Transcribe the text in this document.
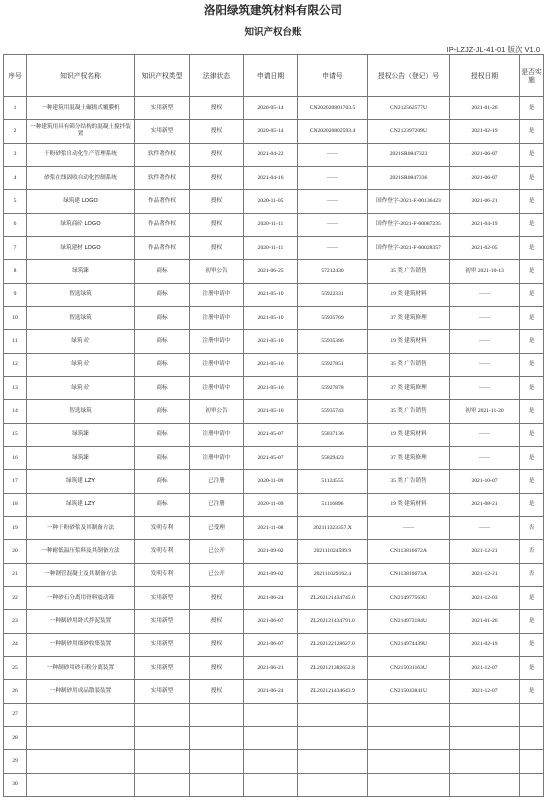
洛阳绿筑建筑材料有限公司
知识产权台账
IP-LZJZ-JL-41-01 版次 V1.0
序号	知识产权名称	知识产权类型	法律状态	申请日期	申请号	授权公告（登记）号	授权日期	是否实施
1	一种建筑用混凝土碾捣式覆膜机	实用新型	授权	2020-05-14	CN202020801703.5	CN212562577U	2021-01-26	是
2	一种建筑用具有筛分结构的混凝土搅拌装置	实用新型	授权	2020-05-14	CN202020802593.4	CN212397209U	2021-02-19	是
3	干粉砂浆自动化生产管理系统	软件著作权	授权	2021-04-22	——	2021SR0847323	2021-06-07	是
4	砂浆在线固收自动化控制系统	软件著作权	授权	2021-04-16	——	2021SR0847336	2021-06-07	是
5	绿筑建 LOGO	作品著作权	授权	2020-11-05	——	国作登字-2021-F-00136423	2021-06-21	是
6	绿筑商砼 LOGO	作品著作权	授权	2020-11-11	——	国作登字-2021-F-00087235	2021-04-19	是
7	绿筑建材 LOGO	作品著作权	授权	2020-11-11	——	国作登字-2021-F-00028357	2021-02-05	是
8	绿筑臻	商标	初审公告	2021-06-25	57212430	35 类 广告销售	初审 2021-10-13	是
9	智选绿筑	商标	注册申请中	2021-05-10	55922331	19 类 建筑材料	——	是
10	智选绿筑	商标	注册申请中	2021-05-10	55935769	37 类 建筑修理	——	是
11	绿筑 砼	商标	注册申请中	2021-05-10	55935386	19 类 建筑材料	——	是
12	绿筑 砼	商标	注册申请中	2021-05-10	55927851	35 类 广告销售	——	是
13	绿筑 砼	商标	注册申请中	2021-05-10	55927878	37 类 建筑修理	——	是
14	智选绿筑	商标	初审公告	2021-05-10	55935743	35 类 广告销售	初审 2021-11-20	是
15	绿筑臻	商标	注册申请中	2021-05-07	55837136	19 类 建筑材料	——	是
16	绿筑臻	商标	注册申请中	2021-05-07	55829423	37 类 建筑修理	——	是
17	绿筑建 LZY	商标	已注册	2020-11-09	51124555	35 类 广告销售	2021-10-07	是
18	绿筑建 LZY	商标	已注册	2020-11-09	51116896	19 类 建筑材料	2021-08-21	是
19	一种干粉砂浆及其制备方法	发明专利	已受理	2021-11-08	202111323357.X	——	——	否
20	一种耐低温压浆料及其制备方法	发明专利	已公开	2021-09-02	202111024599.9	CN113816672A	2021-12-21	否
21	一种钢管混凝土及其制备方法	发明专利	已公开	2021-09-02	202111029162.4	CN113816673A	2021-12-21	否
22	一种砂石分离用骨料震动筛	实用新型	授权	2021-06-24	ZL202121434745.0	CN214977563U	2021-12-03	是
23	一种制砂用卧式拌泥装置	实用新型	授权	2021-06-07	ZL202121434791.0	CN214973184U	2021-01-26	是
24	一种制砂用细砂收集装置	实用新型	授权	2021-06-07	ZL202122128627.0	CN214974439U	2021-02-19	是
25	一种制砂用砂石粉分离装置	实用新型	授权	2021-06-21	ZL202121382652.8	CN215031163U	2021-12-07	是
26	一种制砂用成品散装装置	实用新型	授权	2021-06-24	ZL202121434643.9	CN215043841U	2021-12-07	是
27								
28								
29								
30								
